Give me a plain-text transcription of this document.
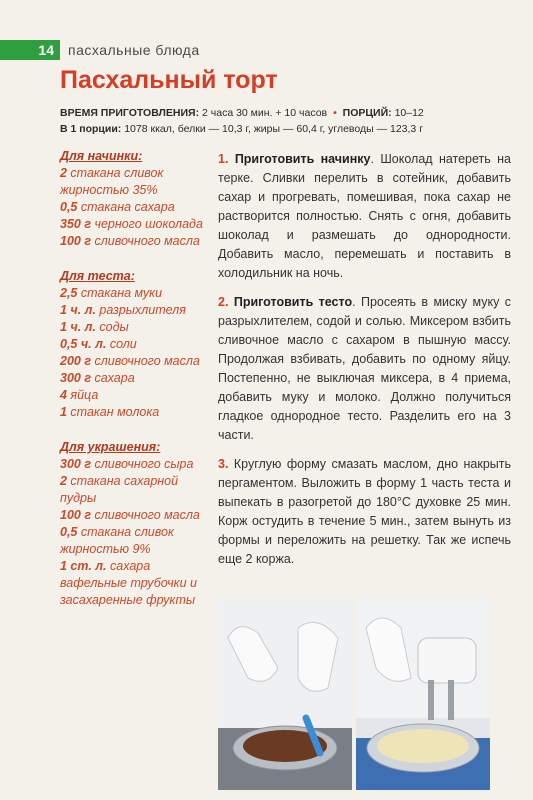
14	пасхальные блюда
Пасхальный торт
ВРЕМЯ ПРИГОТОВЛЕНИЯ: 2 часа 30 мин. + 10 часов • ПОРЦИЙ: 10–12
В 1 порции: 1078 ккал, белки — 10,3 г, жиры — 60,4 г, углеводы — 123,3 г
Для начинки:
2 стакана сливок жирностью 35%
0,5 стакана сахара
350 г черного шоколада
100 г сливочного масла
Для теста:
2,5 стакана муки
1 ч. л. разрыхлителя
1 ч. л. соды
0,5 ч. л. соли
200 г сливочного масла
300 г сахара
4 яйца
1 стакан молока
Для украшения:
300 г сливочного сыра
2 стакана сахарной пудры
100 г сливочного масла
0,5 стакана сливок жирностью 9%
1 ст. л. сахара
вафельные трубочки и засахаренные фрукты

1. Приготовить начинку. Шоколад натереть на терке. Сливки перелить в сотейник, добавить сахар и прогревать, помешивая, пока сахар не растворится полностью. Снять с огня, добавить шоколад и размешать до однородности. Добавить масло, перемешать и поставить в холодильник на ночь.

2. Приготовить тесто. Просеять в миску муку с разрыхлителем, содой и солью. Миксером взбить сливочное масло с сахаром в пышную массу. Продолжая взбивать, добавить по одному яйцу. Постепенно, не выключая миксера, в 4 приема, добавить муку и молоко. Должно получиться гладкое однородное тесто. Разделить его на 3 части.

3. Круглую форму смазать маслом, дно накрыть пергаментом. Выложить в форму 1 часть теста и выпекать в разогретой до 180°С духовке 25 мин. Корж остудить в течение 5 мин., затем вынуть из формы и переложить на решетку. Так же испечь еще 2 коржа.
